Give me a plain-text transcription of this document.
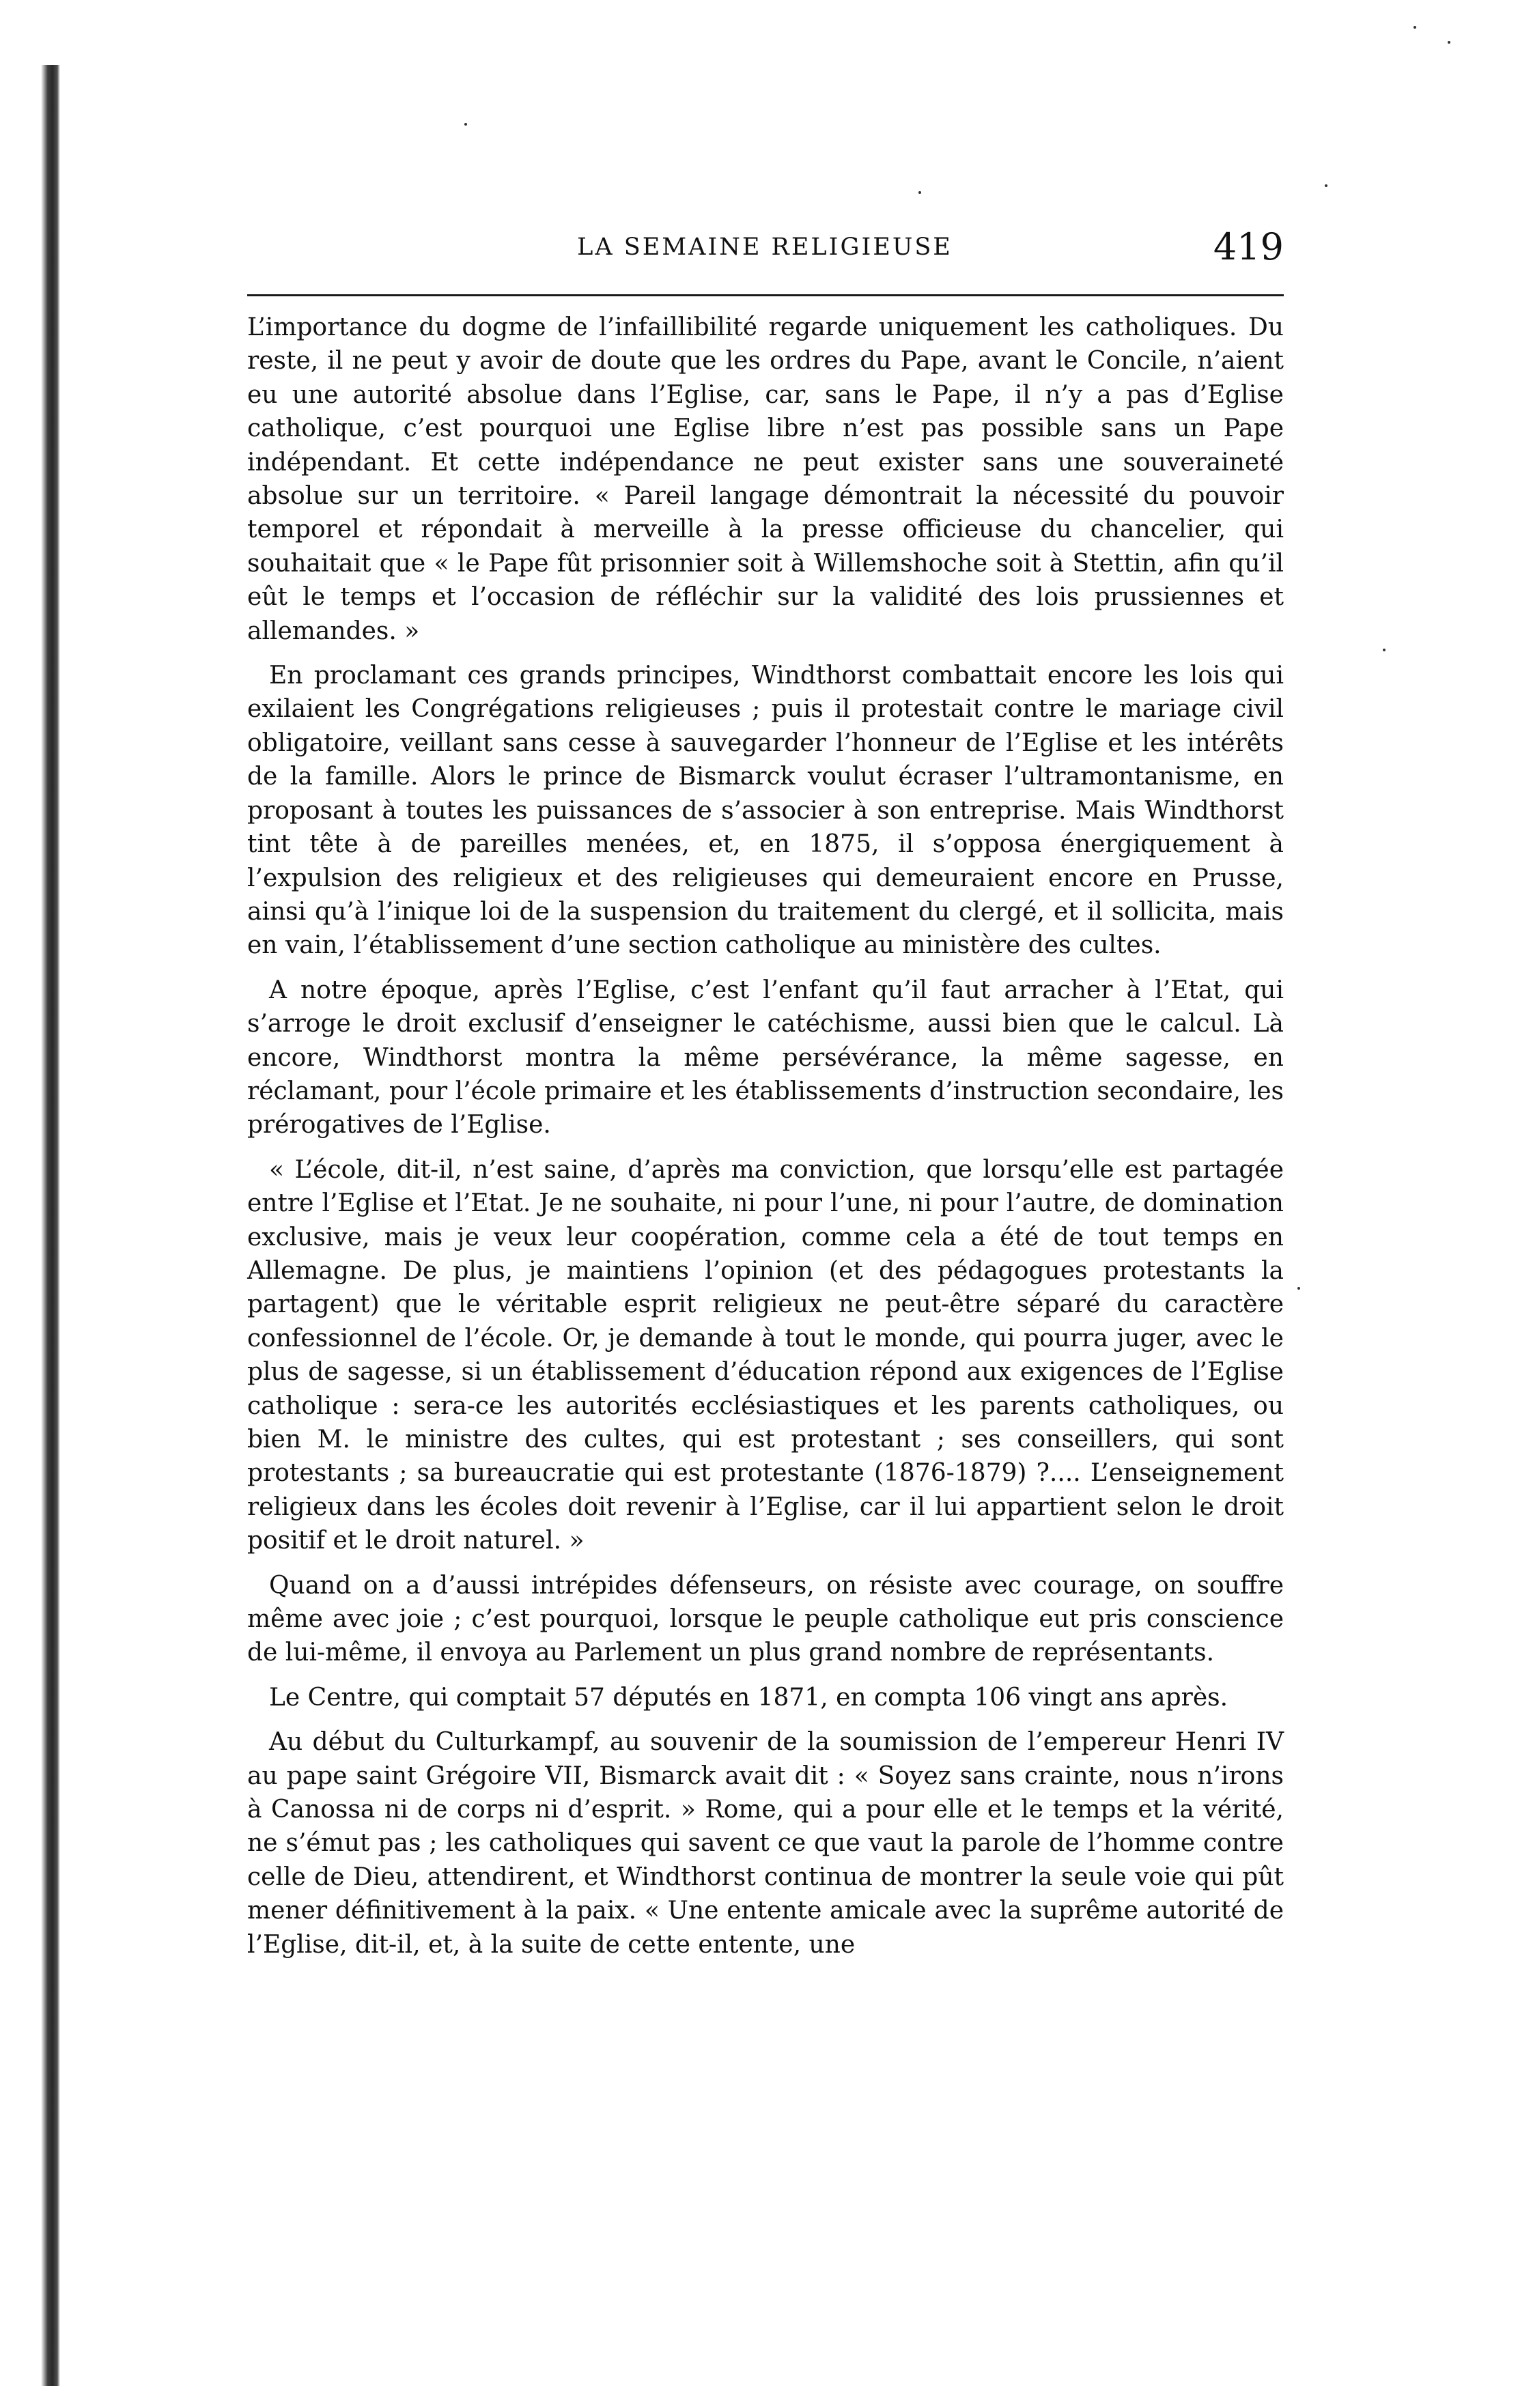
LA SEMAINE RELIGIEUSE	419

L’importance du dogme de l’infaillibilité regarde uniquement les catholiques. Du reste, il ne peut y avoir de doute que les ordres du Pape, avant le Concile, n’aient eu une autorité absolue dans l’Eglise, car, sans le Pape, il n’y a pas d’Eglise catholique, c’est pourquoi une Eglise libre n’est pas possible sans un Pape indépendant. Et cette indépendance ne peut exister sans une souveraineté absolue sur un territoire. « Pareil langage démontrait la nécessité du pouvoir temporel et répondait à merveille à la presse officieuse du chancelier, qui souhaitait que « le Pape fût prisonnier soit à Willemshoche soit à Stettin, afin qu’il eût le temps et l’occasion de réfléchir sur la validité des lois prussiennes et allemandes. »

En proclamant ces grands principes, Windthorst combattait encore les lois qui exilaient les Congrégations religieuses ; puis il protestait contre le mariage civil obligatoire, veillant sans cesse à sauvegarder l’honneur de l’Eglise et les intérêts de la famille. Alors le prince de Bismarck voulut écraser l’ultramontanisme, en proposant à toutes les puissances de s’associer à son entreprise. Mais Windthorst tint tête à de pareilles menées, et, en 1875, il s’opposa énergiquement à l’expulsion des religieux et des religieuses qui demeuraient encore en Prusse, ainsi qu’à l’inique loi de la suspension du traitement du clergé, et il sollicita, mais en vain, l’établissement d’une section catholique au ministère des cultes.

A notre époque, après l’Eglise, c’est l’enfant qu’il faut arracher à l’Etat, qui s’arroge le droit exclusif d’enseigner le catéchisme, aussi bien que le calcul. Là encore, Windthorst montra la même persévérance, la même sagesse, en réclamant, pour l’école primaire et les établissements d’instruction secondaire, les prérogatives de l’Eglise.

« L’école, dit-il, n’est saine, d’après ma conviction, que lorsqu’elle est partagée entre l’Eglise et l’Etat. Je ne souhaite, ni pour l’une, ni pour l’autre, de domination exclusive, mais je veux leur coopération, comme cela a été de tout temps en Allemagne. De plus, je maintiens l’opinion (et des pédagogues protestants la partagent) que le véritable esprit religieux ne peut-être séparé du caractère confessionnel de l’école. Or, je demande à tout le monde, qui pourra juger, avec le plus de sagesse, si un établissement d’éducation répond aux exigences de l’Eglise catholique : sera-ce les autorités ecclésiastiques et les parents catholiques, ou bien M. le ministre des cultes, qui est protestant ; ses conseillers, qui sont protestants ; sa bureaucratie qui est protestante (1876-1879) ?.... L’enseignement religieux dans les écoles doit revenir à l’Eglise, car il lui appartient selon le droit positif et le droit naturel. »

Quand on a d’aussi intrépides défenseurs, on résiste avec courage, on souffre même avec joie ; c’est pourquoi, lorsque le peuple catholique eut pris conscience de lui-même, il envoya au Parlement un plus grand nombre de représentants.

Le Centre, qui comptait 57 députés en 1871, en compta 106 vingt ans après.

Au début du Culturkampf, au souvenir de la soumission de l’empereur Henri IV au pape saint Grégoire VII, Bismarck avait dit : « Soyez sans crainte, nous n’irons à Canossa ni de corps ni d’esprit. » Rome, qui a pour elle et le temps et la vérité, ne s’émut pas ; les catholiques qui savent ce que vaut la parole de l’homme contre celle de Dieu, attendirent, et Windthorst continua de montrer la seule voie qui pût mener définitivement à la paix. « Une entente amicale avec la suprême autorité de l’Eglise, dit-il, et, à la suite de cette entente, une
